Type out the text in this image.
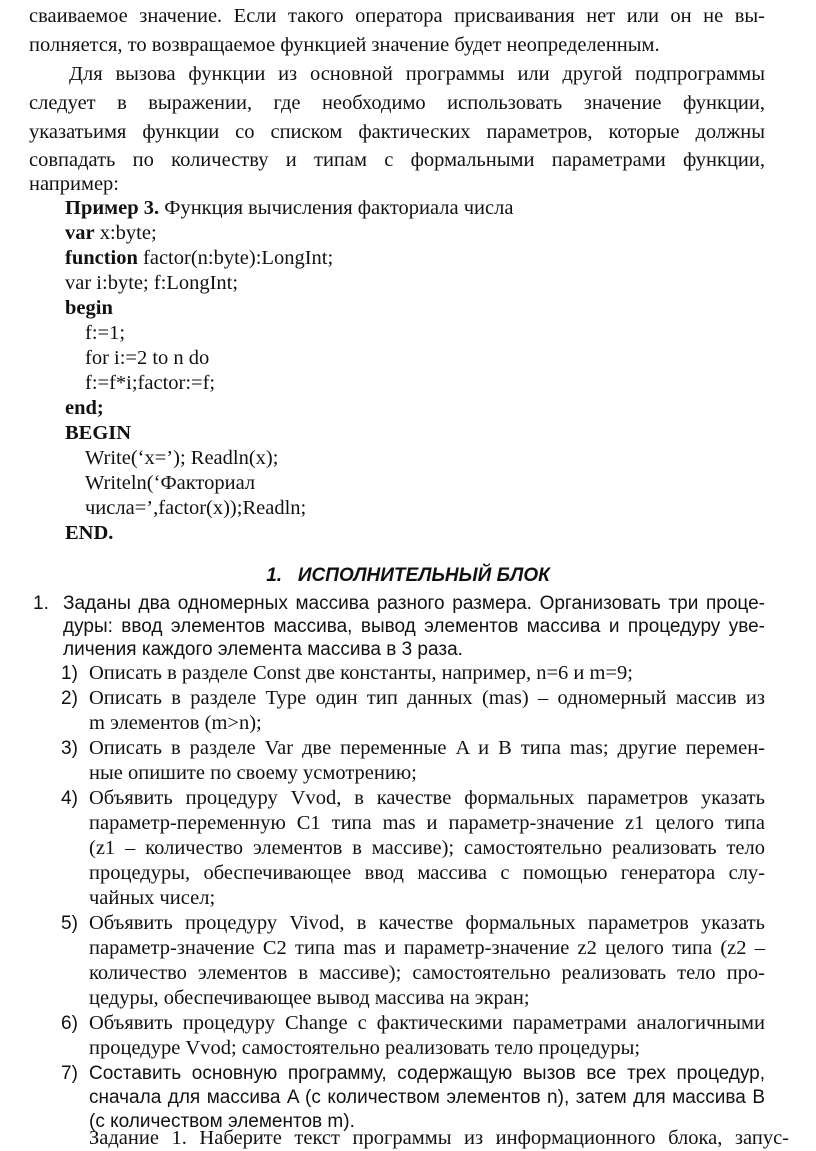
сваиваемое значение. Если такого оператора присваивания нет или он не вы-
полняется, то возвращаемое функцией значение будет неопределенным.
Для вызова функции из основной программы или другой подпрограммы
следует в выражении, где необходимо использовать значение функции,
указатьимя функции со списком фактических параметров, которые должны
совпадать по количеству и типам с формальными параметрами функции,
например:
Пример 3. Функция вычисления факториала числа
var x:byte;
function factor(n:byte):LongInt;
var i:byte; f:LongInt;
begin
f:=1;
for i:=2 to n do
f:=f*i;factor:=f;
end;
BEGIN
Write(‘x=’); Readln(x);
Writeln(‘Факториал
числа=’,factor(x));Readln;
END.
1. ИСПОЛНИТЕЛЬНЫЙ БЛОК
1. Заданы два одномерных массива разного размера. Организовать три проце-
дуры: ввод элементов массива, вывод элементов массива и процедуру уве-
личения каждого элемента массива в 3 раза.
1) Описать в разделе Const две константы, например, n=6 и m=9;
2) Описать в разделе Type один тип данных (mas) – одномерный массив из
m элементов (m>n);
3) Описать в разделе Var две переменные A и B типа mas; другие перемен-
ные опишите по своему усмотрению;
4) Объявить процедуру Vvod, в качестве формальных параметров указать
параметр-переменную C1 типа mas и параметр-значение z1 целого типа
(z1 – количество элементов в массиве); самостоятельно реализовать тело
процедуры, обеспечивающее ввод массива с помощью генератора слу-
чайных чисел;
5) Объявить процедуру Vivod, в качестве формальных параметров указать
параметр-значение C2 типа mas и параметр-значение z2 целого типа (z2 –
количество элементов в массиве); самостоятельно реализовать тело про-
цедуры, обеспечивающее вывод массива на экран;
6) Объявить процедуру Change с фактическими параметрами аналогичными
процедуре Vvod; самостоятельно реализовать тело процедуры;
7) Составить основную программу, содержащую вызов все трех процедур,
сначала для массива A (с количеством элементов n), затем для массива B
(с количеством элементов m).
Задание 1. Наберите текст программы из информационного блока, запус-
